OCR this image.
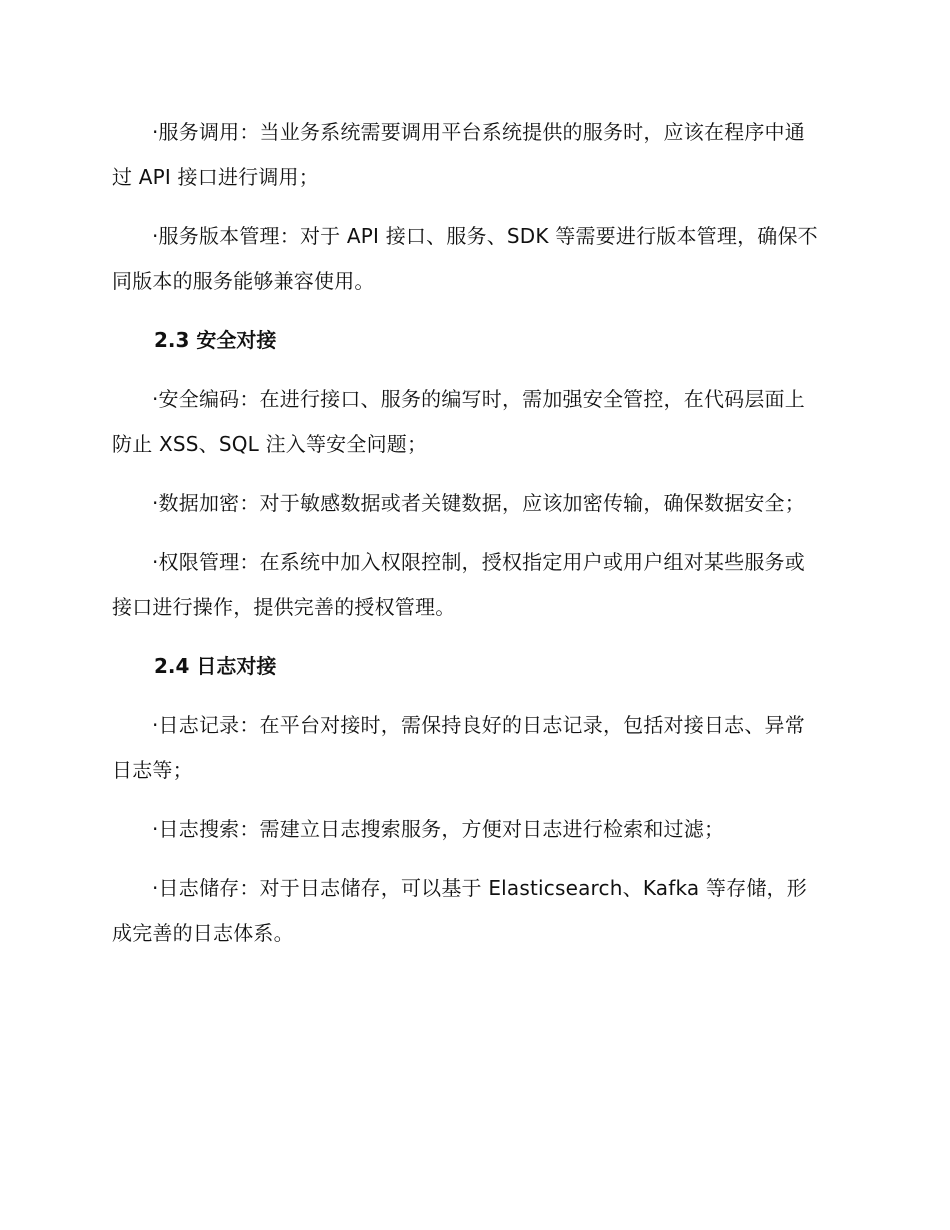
·服务调用：当业务系统需要调用平台系统提供的服务时，应该在程序中通过 API 接口进行调用；

·服务版本管理：对于 API 接口、服务、SDK 等需要进行版本管理，确保不同版本的服务能够兼容使用。

2.3 安全对接

·安全编码：在进行接口、服务的编写时，需加强安全管控，在代码层面上防止 XSS、SQL 注入等安全问题；

·数据加密：对于敏感数据或者关键数据，应该加密传输，确保数据安全；

·权限管理：在系统中加入权限控制，授权指定用户或用户组对某些服务或接口进行操作，提供完善的授权管理。

2.4 日志对接

·日志记录：在平台对接时，需保持良好的日志记录，包括对接日志、异常日志等；

·日志搜索：需建立日志搜索服务，方便对日志进行检索和过滤；

·日志储存：对于日志储存，可以基于 Elasticsearch、Kafka 等存储，形成完善的日志体系。
